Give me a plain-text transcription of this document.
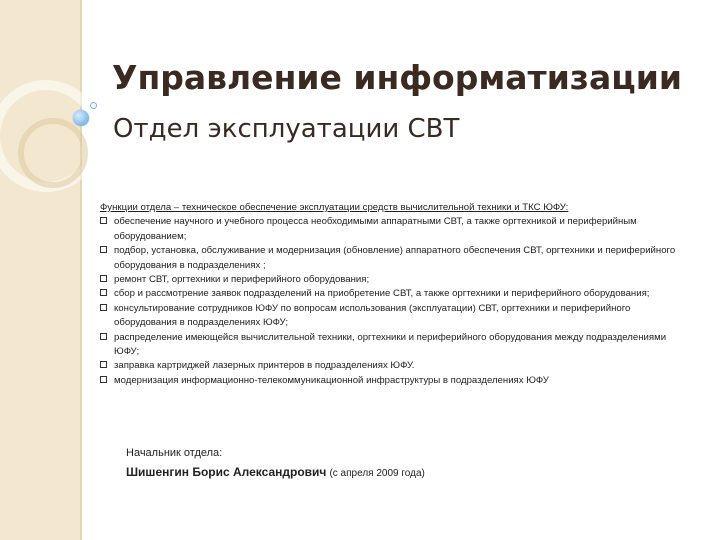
Управление информатизации
Отдел эксплуатации СВТ
Функции отдела – техническое обеспечение эксплуатации средств вычислительной техники и ТКС ЮФУ:
обеспечение научного и учебного процесса необходимыми аппаратными СВТ, а также оргтехникой и периферийным оборудованием;
подбор, установка, обслуживание и модернизация (обновление) аппаратного обеспечения СВТ, оргтехники и периферийного оборудования в подразделениях ;
ремонт СВТ, оргтехники и периферийного оборудования;
сбор и рассмотрение заявок подразделений на приобретение СВТ, а также оргтехники и периферийного оборудования;
консультирование сотрудников ЮФУ по вопросам использования (эксплуатации) СВТ, оргтехники и периферийного оборудования в подразделениях ЮФУ;
распределение имеющейся вычислительной техники, оргтехники и периферийного оборудования между подразделениями ЮФУ;
заправка картриджей лазерных принтеров в подразделениях ЮФУ.
модернизация информационно-телекоммуникационной инфраструктуры в подразделениях ЮФУ
Начальник отдела:
Шишенгин Борис Александрович (с апреля 2009 года)
